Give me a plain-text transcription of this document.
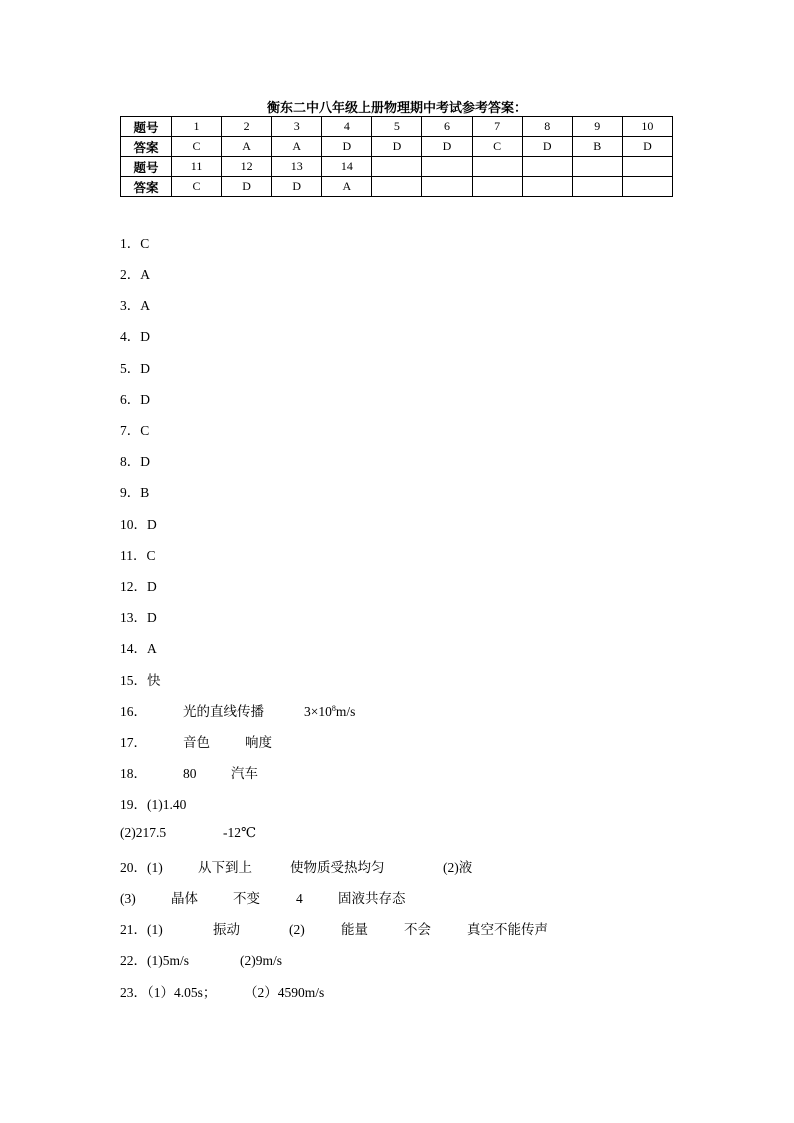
衡东二中八年级上册物理期中考试参考答案：
题号	1	2	3	4	5	6	7	8	9	10
答案	C	A	A	D	D	D	C	D	B	D
题号	11	12	13	14						
答案	C	D	D	A						
1．C
2．A
3．A
4．D
5．D
6．D
7．C
8．D
9．B
10．D
11．C
12．D
13．D
14．A
15．快
16．	光的直线传播	$3\times 10^8m/s$
17．	音色	响度
18．	80	汽车
19．(1)1.40
(2)217.5	-12℃
20．(1)	从下到上	使物质受热均匀	(2)液
(3)	晶体	不变	4	固液共存态
21．(1)	振动	(2)	能量	不会	真空不能传声
22．(1)5m/s	(2)9m/s
23．（1）4.05s； （2）4590m/s
